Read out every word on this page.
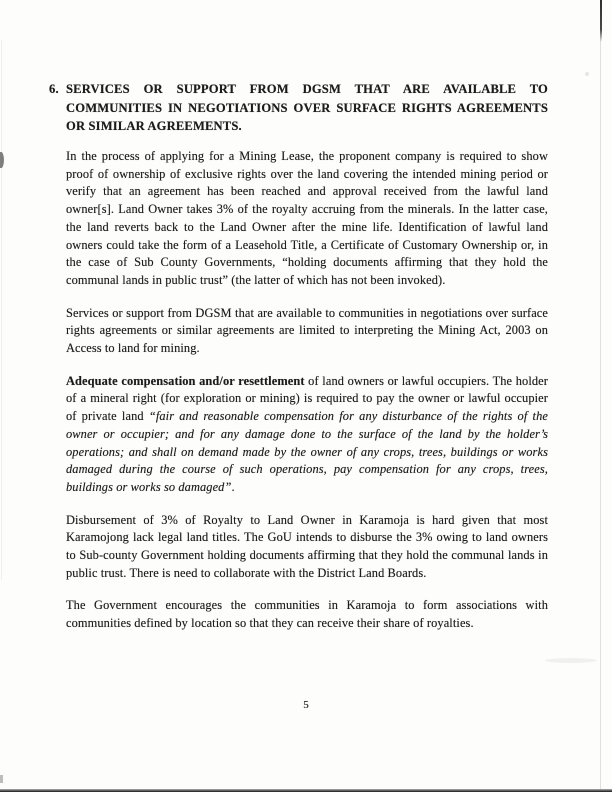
6. SERVICES OR SUPPORT FROM DGSM THAT ARE AVAILABLE TO COMMUNITIES IN NEGOTIATIONS OVER SURFACE RIGHTS AGREEMENTS OR SIMILAR AGREEMENTS.

In the process of applying for a Mining Lease, the proponent company is required to show proof of ownership of exclusive rights over the land covering the intended mining period or verify that an agreement has been reached and approval received from the lawful land owner[s]. Land Owner takes 3% of the royalty accruing from the minerals. In the latter case, the land reverts back to the Land Owner after the mine life. Identification of lawful land owners could take the form of a Leasehold Title, a Certificate of Customary Ownership or, in the case of Sub County Governments, “holding documents affirming that they hold the communal lands in public trust” (the latter of which has not been invoked).

Services or support from DGSM that are available to communities in negotiations over surface rights agreements or similar agreements are limited to interpreting the Mining Act, 2003 on Access to land for mining.

Adequate compensation and/or resettlement of land owners or lawful occupiers. The holder of a mineral right (for exploration or mining) is required to pay the owner or lawful occupier of private land “fair and reasonable compensation for any disturbance of the rights of the owner or occupier; and for any damage done to the surface of the land by the holder’s operations; and shall on demand made by the owner of any crops, trees, buildings or works damaged during the course of such operations, pay compensation for any crops, trees, buildings or works so damaged”.

Disbursement of 3% of Royalty to Land Owner in Karamoja is hard given that most Karamojong lack legal land titles. The GoU intends to disburse the 3% owing to land owners to Sub-county Government holding documents affirming that they hold the communal lands in public trust. There is need to collaborate with the District Land Boards.

The Government encourages the communities in Karamoja to form associations with communities defined by location so that they can receive their share of royalties.

5
